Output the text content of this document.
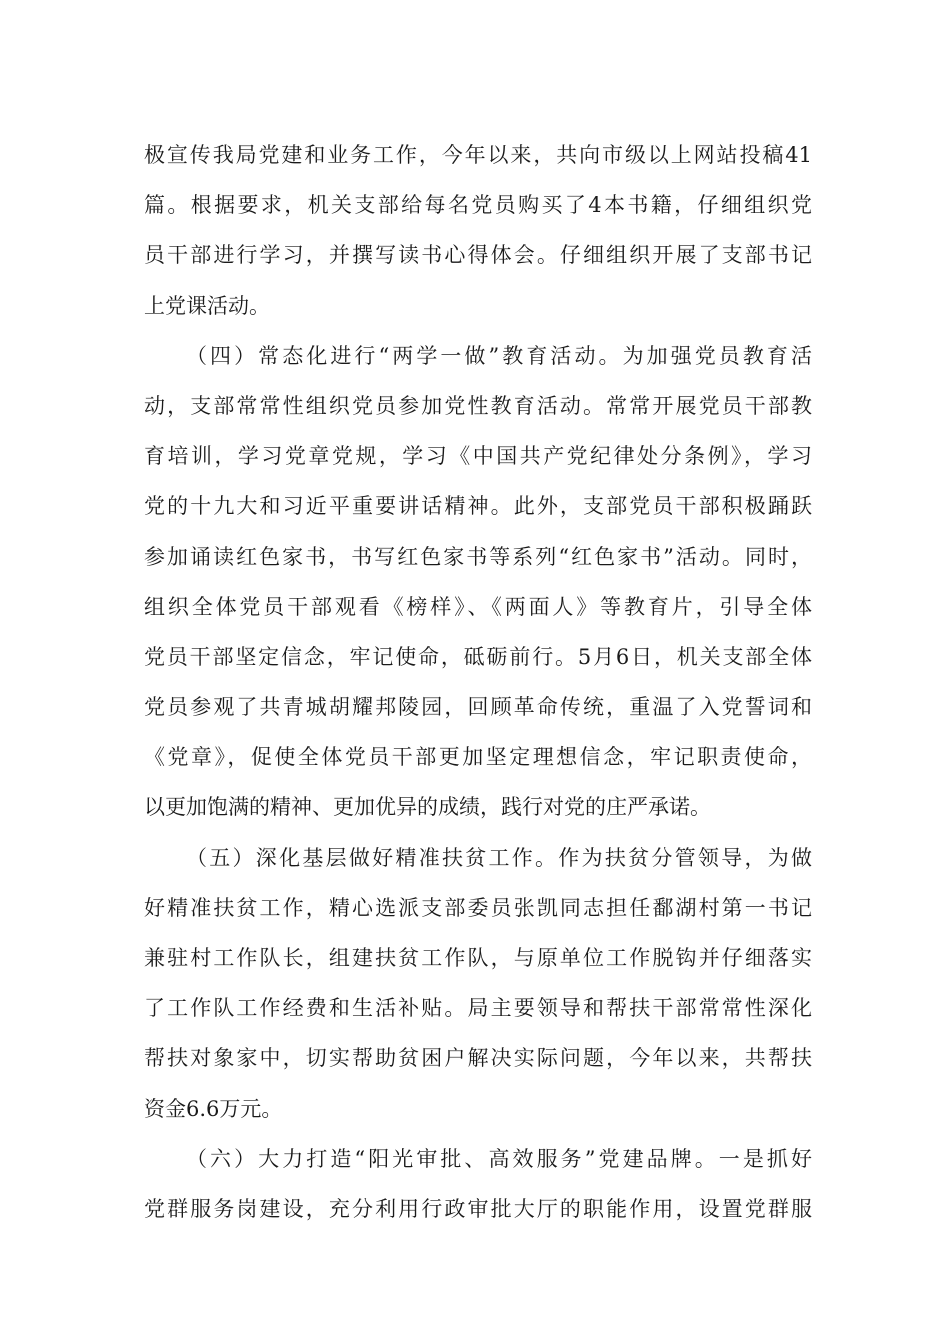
极宣传我局党建和业务工作，今年以来，共向市级以上网站投稿41
篇。根据要求，机关支部给每名党员购买了4本书籍，仔细组织党
员干部进行学习，并撰写读书心得体会。仔细组织开展了支部书记
上党课活动。
（四）常态化进行“两学一做”教育活动。为加强党员教育活
动，支部常常性组织党员参加党性教育活动。常常开展党员干部教
育培训，学习党章党规，学习《中国共产党纪律处分条例》，学习
党的十九大和习近平重要讲话精神。此外，支部党员干部积极踊跃
参加诵读红色家书，书写红色家书等系列“红色家书”活动。同时，
组织全体党员干部观看《榜样》、《两面人》等教育片，引导全体
党员干部坚定信念，牢记使命，砥砺前行。5月6日，机关支部全体
党员参观了共青城胡耀邦陵园，回顾革命传统，重温了入党誓词和
《党章》，促使全体党员干部更加坚定理想信念，牢记职责使命，
以更加饱满的精神、更加优异的成绩，践行对党的庄严承诺。
（五）深化基层做好精准扶贫工作。作为扶贫分管领导，为做
好精准扶贫工作，精心选派支部委员张凯同志担任鄱湖村第一书记
兼驻村工作队长，组建扶贫工作队，与原单位工作脱钩并仔细落实
了工作队工作经费和生活补贴。局主要领导和帮扶干部常常性深化
帮扶对象家中，切实帮助贫困户解决实际问题，今年以来，共帮扶
资金6.6万元。
（六）大力打造“阳光审批、高效服务”党建品牌。一是抓好
党群服务岗建设，充分利用行政审批大厅的职能作用，设置党群服
